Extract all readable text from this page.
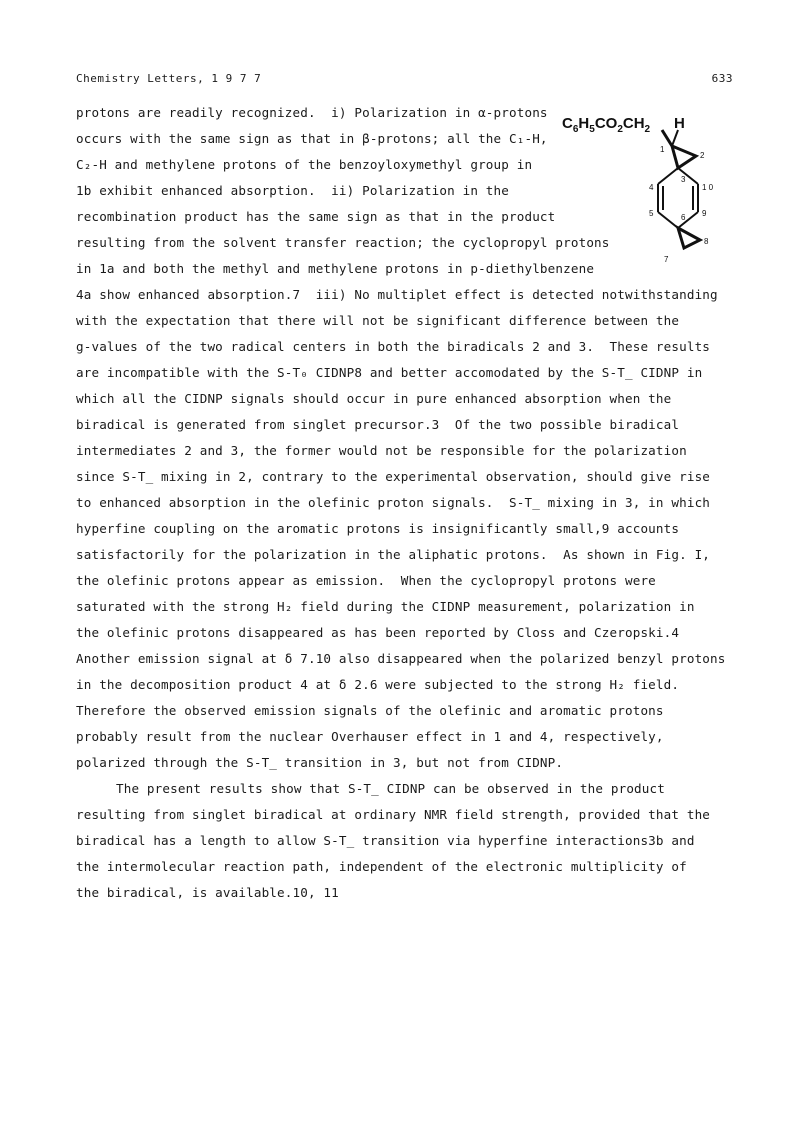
Chemistry Letters, 1 9 7 7	633
$C_6H_5CO_2CH_2$ H
1
2
3
4
5	6
7
8
9
1 0
protons are readily recognized.  i) Polarization in α-protons
occurs with the same sign as that in β-protons; all the C₁-H,
C₂-H and methylene protons of the benzoyloxymethyl group in
1b exhibit enhanced absorption.  ii) Polarization in the
recombination product has the same sign as that in the product
resulting from the solvent transfer reaction; the cyclopropyl protons
in 1a and both the methyl and methylene protons in p-diethylbenzene
4a show enhanced absorption.7  iii) No multiplet effect is detected notwithstanding
with the expectation that there will not be significant difference between the
g-values of the two radical centers in both the biradicals 2 and 3.  These results
are incompatible with the S-T₀ CIDNP8 and better accomodated by the S-T_ CIDNP in
which all the CIDNP signals should occur in pure enhanced absorption when the
biradical is generated from singlet precursor.3  Of the two possible biradical
intermediates 2 and 3, the former would not be responsible for the polarization
since S-T_ mixing in 2, contrary to the experimental observation, should give rise
to enhanced absorption in the olefinic proton signals.  S-T_ mixing in 3, in which
hyperfine coupling on the aromatic protons is insignificantly small,9 accounts
satisfactorily for the polarization in the aliphatic protons.  As shown in Fig. I,
the olefinic protons appear as emission.  When the cyclopropyl protons were
saturated with the strong H₂ field during the CIDNP measurement, polarization in
the olefinic protons disappeared as has been reported by Closs and Czeropski.4
Another emission signal at δ 7.10 also disappeared when the polarized benzyl protons
in the decomposition product 4 at δ 2.6 were subjected to the strong H₂ field.
Therefore the observed emission signals of the olefinic and aromatic protons
probably result from the nuclear Overhauser effect in 1 and 4, respectively,
polarized through the S-T_ transition in 3, but not from CIDNP.
The present results show that S-T_ CIDNP can be observed in the product
resulting from singlet biradical at ordinary NMR field strength, provided that the
biradical has a length to allow S-T_ transition via hyperfine interactions3b and
the intermolecular reaction path, independent of the electronic multiplicity of
the biradical, is available.10, 11
